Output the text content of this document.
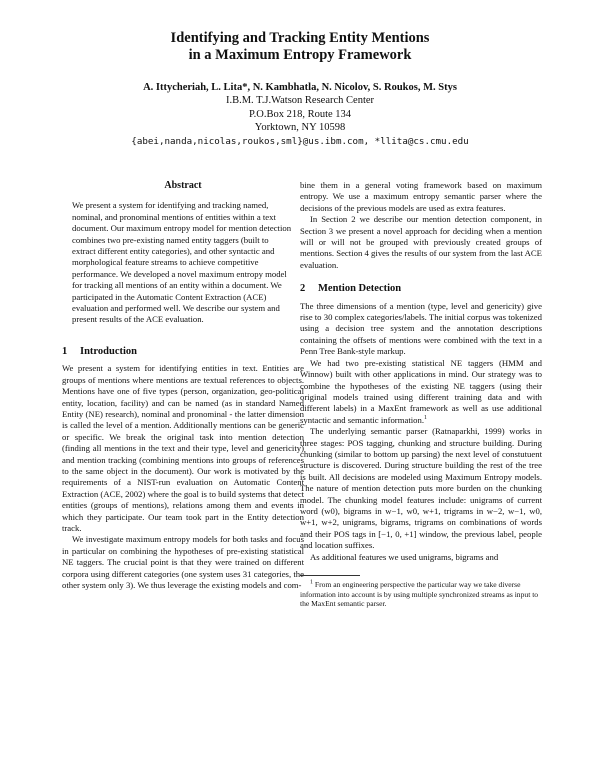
Identifying and Tracking Entity Mentions
in a Maximum Entropy Framework
A. Ittycheriah, L. Lita*, N. Kambhatla, N. Nicolov, S. Roukos, M. Stys
I.B.M. T.J.Watson Research Center
P.O.Box 218, Route 134
Yorktown, NY 10598
{abei,nanda,nicolas,roukos,sml}@us.ibm.com, *llita@cs.cmu.edu
Abstract

We present a system for identifying and tracking named, nominal, and pronominal mentions of entities within a text document. Our maximum entropy model for mention detection combines two pre-existing named entity taggers (built to extract different entity categories), and other syntactic and morphological feature streams to achieve competitive performance. We developed a novel maximum entropy model for tracking all mentions of an entity within a document. We participated in the Automatic Content Extraction (ACE) evaluation and performed well. We describe our system and present results of the ACE evaluation.

1 Introduction

We present a system for identifying entities in text. Entities are groups of mentions where mentions are textual references to objects. Mentions have one of five types (person, organization, geo-political entity, location, facility) and can be named (as in standard Named Entity (NE) research), nominal and pronominal - the latter dimension is called the level of a mention. Additionally mentions can be generic or specific. We break the original task into mention detection (finding all mentions in the text and their type, level and genericity) and mention tracking (combining mentions into groups of references to the same object in the document). Our work is motivated by the requirements of a NIST-run evaluation on Automatic Content Extraction (ACE, 2002) where the goal is to build systems that detect entities (groups of mentions), relations among them and events in which they participate. Our team took part in the Entity detection track.

We investigate maximum entropy models for both tasks and focus in particular on combining the hypotheses of pre-existing statistical NE taggers. The crucial point is that they were trained on different corpora using different categories (one system uses 31 categories, the other system only 3). We thus leverage the existing models and com-

bine them in a general voting framework based on maximum entropy. We use a maximum entropy semantic parser where the decisions of the previous models are used as extra features.

In Section 2 we describe our mention detection component, in Section 3 we present a novel approach for deciding when a mention will or will not be grouped with previously created groups of mentions. Section 4 gives the results of our system from the last ACE evaluation.

2 Mention Detection

The three dimensions of a mention (type, level and genericity) give rise to 30 complex categories/labels. The initial corpus was tokenized using a decision tree system and the annotation descriptions containing the offsets of mentions were combined with the text in a Penn Tree Bank-style markup.

We had two pre-existing statistical NE taggers (HMM and Winnow) built with other applications in mind. Our strategy was to combine the hypotheses of the existing NE taggers (using their original models trained using different training data and with different labels) in a MaxEnt framework as well as use additional syntactic and semantic information.$^1$

The underlying semantic parser (Ratnaparkhi, 1999) works in three stages: POS tagging, chunking and structure building. During chunking (similar to bottom up parsing) the next level of constutuent structure is discovered. During structure building the rest of the tree is built. All decisions are modeled using Maximum Entropy models. The nature of mention detection puts more burden on the chunking model. The chunking model features include: unigrams of current word (w0), bigrams in w−1, w0, w+1, trigrams in w−2, w−1, w0, w+1, w+2, unigrams, bigrams, trigrams on combinations of words and their POS tags in [−1, 0, +1] window, the previous label, people and location suffixes.

As additional features we used unigrams, bigrams and

$^1$ From an engineering perspective the particular way we take diverse information into account is by using multiple synchronized streams as input to the MaxEnt semantic parser.
